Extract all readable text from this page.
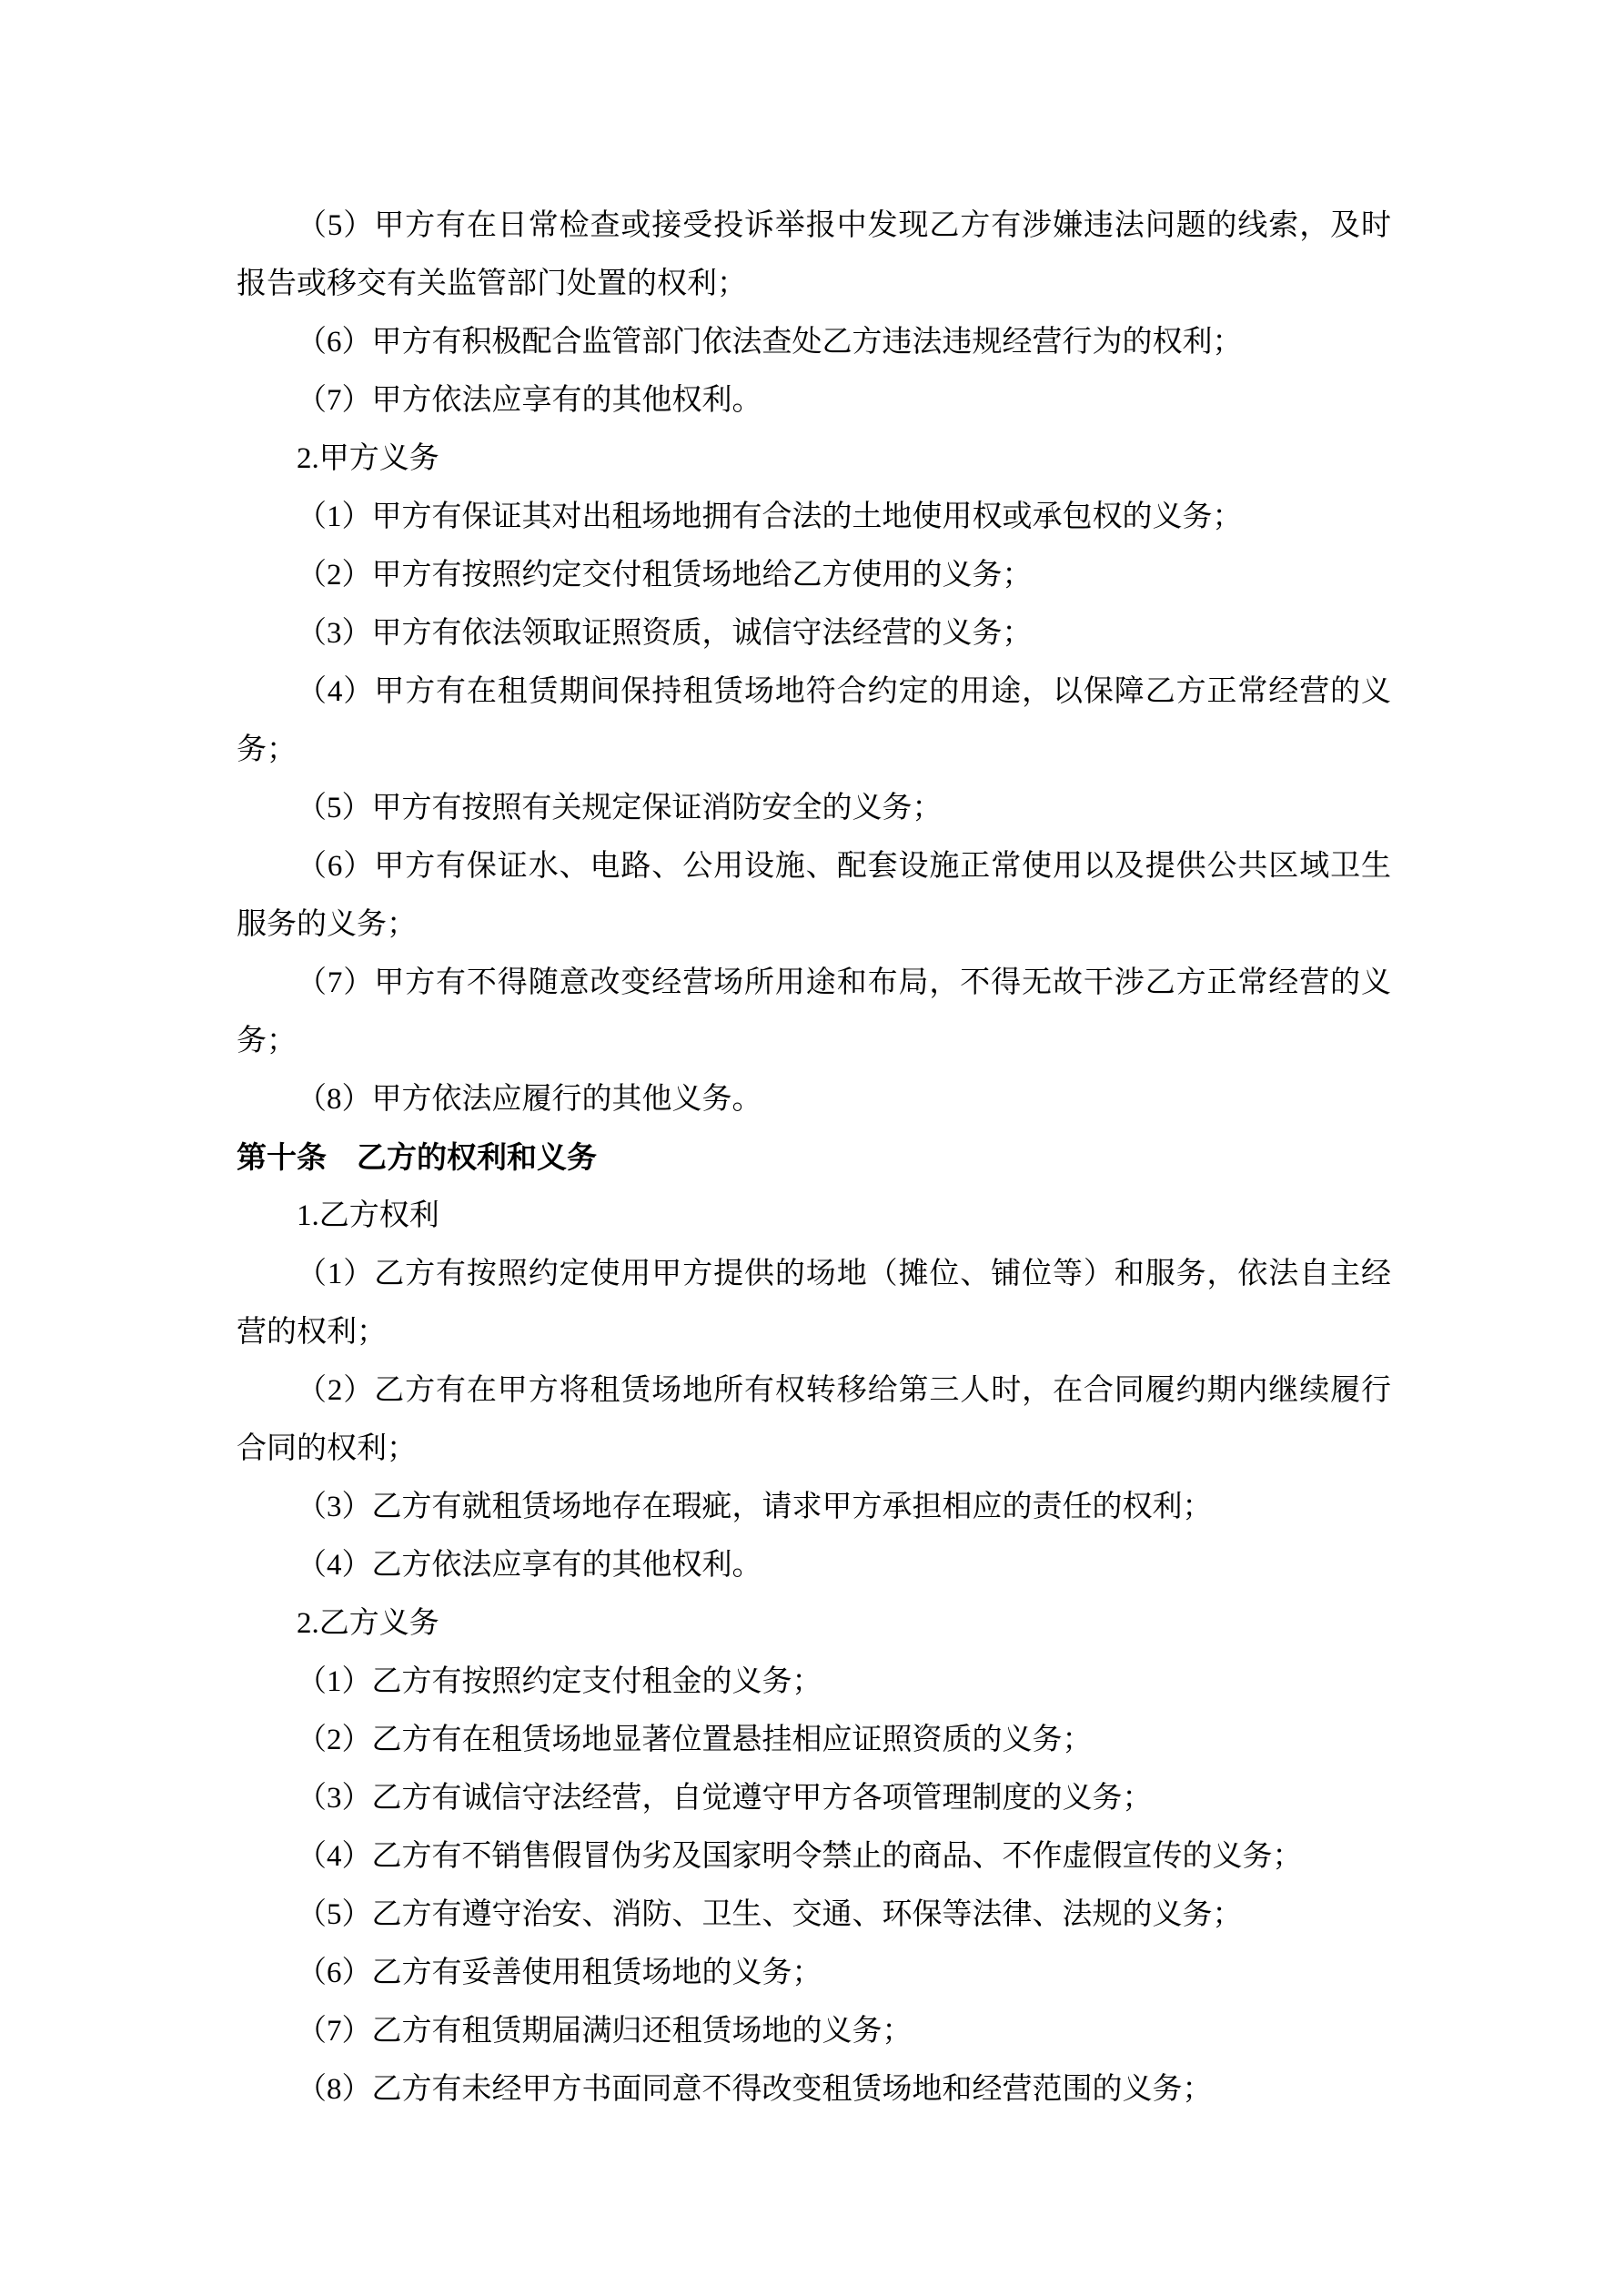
（5）甲方有在日常检查或接受投诉举报中发现乙方有涉嫌违法问题的线索，及时报告或移交有关监管部门处置的权利；

（6）甲方有积极配合监管部门依法查处乙方违法违规经营行为的权利；

（7）甲方依法应享有的其他权利。

2.甲方义务

（1）甲方有保证其对出租场地拥有合法的土地使用权或承包权的义务；

（2）甲方有按照约定交付租赁场地给乙方使用的义务；

（3）甲方有依法领取证照资质，诚信守法经营的义务；

（4）甲方有在租赁期间保持租赁场地符合约定的用途，以保障乙方正常经营的义务；

（5）甲方有按照有关规定保证消防安全的义务；

（6）甲方有保证水、电路、公用设施、配套设施正常使用以及提供公共区域卫生服务的义务；

（7）甲方有不得随意改变经营场所用途和布局，不得无故干涉乙方正常经营的义务；

（8）甲方依法应履行的其他义务。

第十条　乙方的权利和义务

1.乙方权利

（1）乙方有按照约定使用甲方提供的场地（摊位、铺位等）和服务，依法自主经营的权利；

（2）乙方有在甲方将租赁场地所有权转移给第三人时，在合同履约期内继续履行合同的权利；

（3）乙方有就租赁场地存在瑕疵，请求甲方承担相应的责任的权利；

（4）乙方依法应享有的其他权利。

2.乙方义务

（1）乙方有按照约定支付租金的义务；

（2）乙方有在租赁场地显著位置悬挂相应证照资质的义务；

（3）乙方有诚信守法经营，自觉遵守甲方各项管理制度的义务；

（4）乙方有不销售假冒伪劣及国家明令禁止的商品、不作虚假宣传的义务；

（5）乙方有遵守治安、消防、卫生、交通、环保等法律、法规的义务；

（6）乙方有妥善使用租赁场地的义务；

（7）乙方有租赁期届满归还租赁场地的义务；

（8）乙方有未经甲方书面同意不得改变租赁场地和经营范围的义务；
